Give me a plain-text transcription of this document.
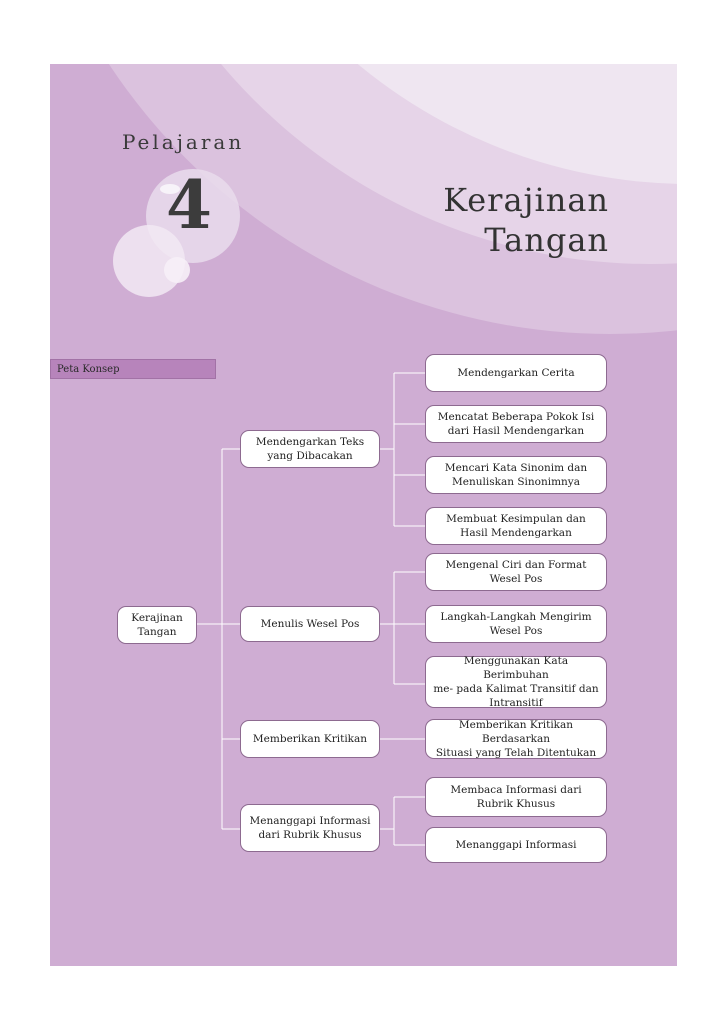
Pelajaran
4	Kerajinan
Tangan
Peta Konsep
Kerajinan
Tangan
Mendengarkan Teks
yang Dibacakan
Menulis Wesel Pos
Memberikan Kritikan
Menanggapi Informasi
dari Rubrik Khusus
Mendengarkan Cerita
Mencatat Beberapa Pokok Isi
dari Hasil Mendengarkan
Mencari Kata Sinonim dan
Menuliskan Sinonimnya
Membuat Kesimpulan dan
Hasil Mendengarkan
Mengenal Ciri dan Format
Wesel Pos
Langkah-Langkah Mengirim
Wesel Pos
Menggunakan Kata Berimbuhan
me- pada Kalimat Transitif dan
Intransitif
Memberikan Kritikan Berdasarkan
Situasi yang Telah Ditentukan
Membaca Informasi dari
Rubrik Khusus
Menanggapi Informasi
